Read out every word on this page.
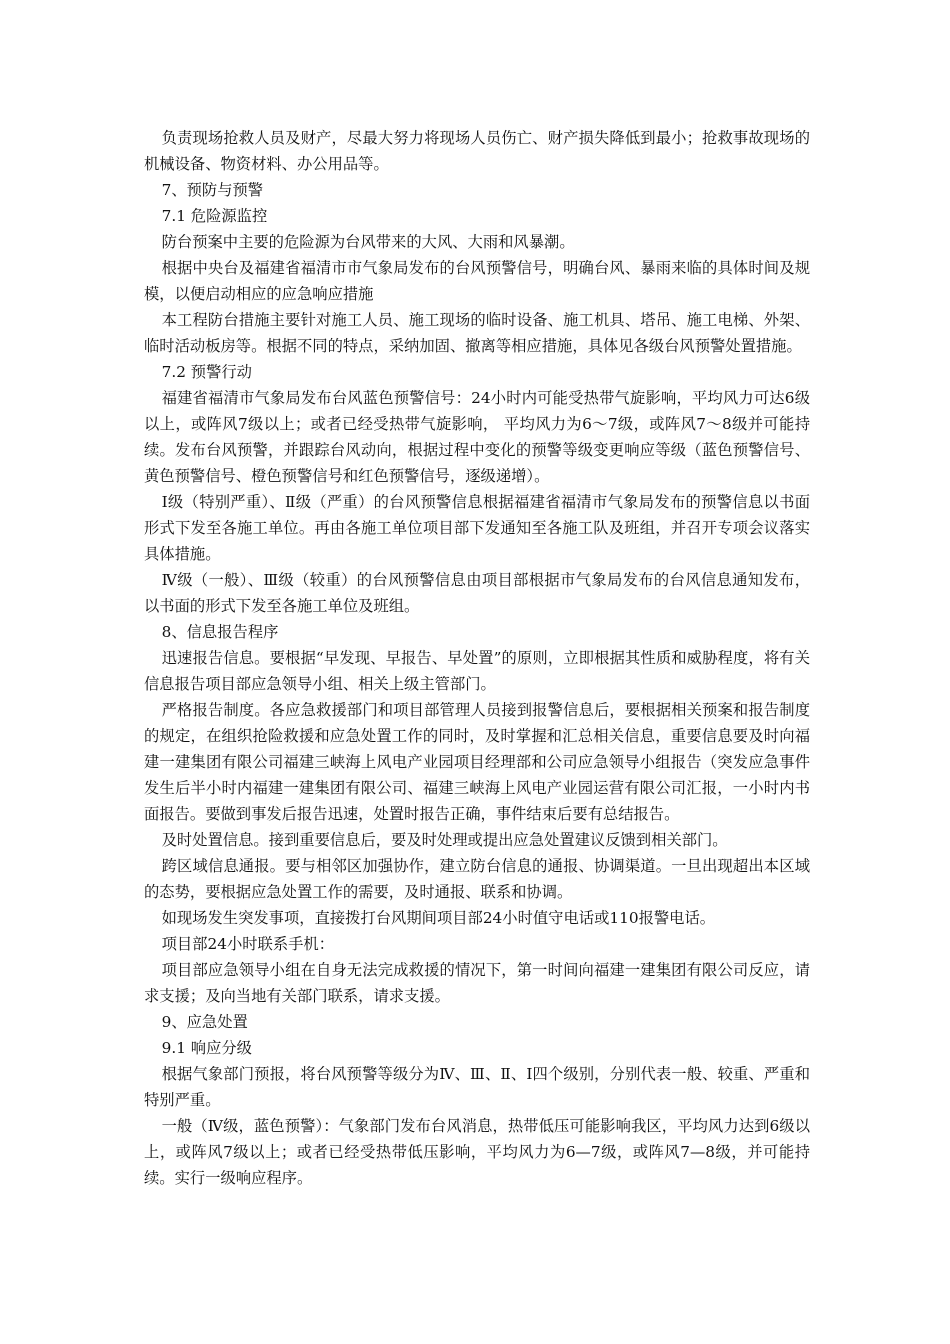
负责现场抢救人员及财产，尽最大努力将现场人员伤亡、财产损失降低到最小；抢救事故现场的机械设备、物资材料、办公用品等。

7、预防与预警

7.1 危险源监控

防台预案中主要的危险源为台风带来的大风、大雨和风暴潮。

根据中央台及福建省福清市市气象局发布的台风预警信号，明确台风、暴雨来临的具体时间及规模，以便启动相应的应急响应措施

本工程防台措施主要针对施工人员、施工现场的临时设备、施工机具、塔吊、施工电梯、外架、临时活动板房等。根据不同的特点，采纳加固、撤离等相应措施，具体见各级台风预警处置措施。

7.2 预警行动

福建省福清市气象局发布台风蓝色预警信号：24小时内可能受热带气旋影响，平均风力可达6级以上，或阵风7级以上；或者已经受热带气旋影响， 平均风力为6～7级，或阵风7～8级并可能持续。发布台风预警，并跟踪台风动向，根据过程中变化的预警等级变更响应等级（蓝色预警信号、黄色预警信号、橙色预警信号和红色预警信号，逐级递增）。

Ⅰ级（特别严重）、Ⅱ级（严重）的台风预警信息根据福建省福清市气象局发布的预警信息以书面形式下发至各施工单位。再由各施工单位项目部下发通知至各施工队及班组，并召开专项会议落实具体措施。

Ⅳ级（一般）、Ⅲ级（较重）的台风预警信息由项目部根据市气象局发布的台风信息通知发布，以书面的形式下发至各施工单位及班组。

8、信息报告程序

迅速报告信息。要根据“早发现、早报告、早处置”的原则，立即根据其性质和威胁程度，将有关信息报告项目部应急领导小组、相关上级主管部门。

严格报告制度。各应急救援部门和项目部管理人员接到报警信息后，要根据相关预案和报告制度的规定，在组织抢险救援和应急处置工作的同时，及时掌握和汇总相关信息，重要信息要及时向福建一建集团有限公司福建三峡海上风电产业园项目经理部和公司应急领导小组报告（突发应急事件发生后半小时内福建一建集团有限公司、福建三峡海上风电产业园运营有限公司汇报，一小时内书面报告。要做到事发后报告迅速，处置时报告正确，事件结束后要有总结报告。

及时处置信息。接到重要信息后，要及时处理或提出应急处置建议反馈到相关部门。

跨区域信息通报。要与相邻区加强协作，建立防台信息的通报、协调渠道。一旦出现超出本区域的态势，要根据应急处置工作的需要，及时通报、联系和协调。

如现场发生突发事项，直接拨打台风期间项目部24小时值守电话或110报警电话。

项目部24小时联系手机：

项目部应急领导小组在自身无法完成救援的情况下，第一时间向福建一建集团有限公司反应，请求支援；及向当地有关部门联系，请求支援。

9、应急处置

9.1 响应分级

根据气象部门预报，将台风预警等级分为Ⅳ、Ⅲ、Ⅱ、Ⅰ四个级别，分别代表一般、较重、严重和特别严重。

一般（Ⅳ级，蓝色预警）：气象部门发布台风消息，热带低压可能影响我区，平均风力达到6级以上，或阵风7级以上；或者已经受热带低压影响，平均风力为6—7级，或阵风7—8级，并可能持续。实行一级响应程序。
